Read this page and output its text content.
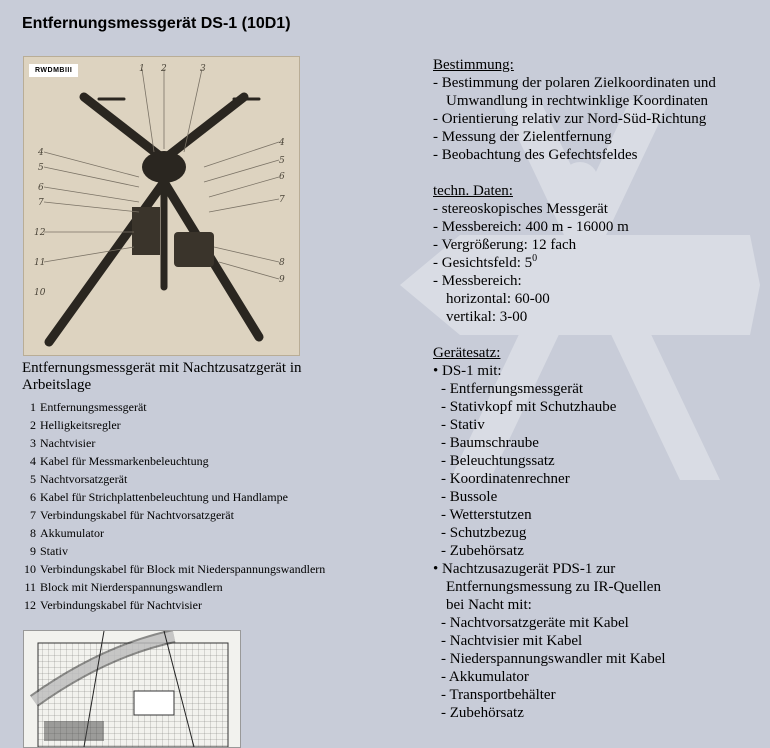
Entfernungsmessgerät DS-1 (10D1)
1 2	3
4
5
6
7
12
11
10
5
6
7
8
9
4
RWDMBIII
Entfernungsmessgerät mit Nachtzusatzgerät in Arbeitslage
1 Entfernungsmessgerät
2 Helligkeitsregler
3 Nachtvisier
4 Kabel für Messmarkenbeleuchtung
5 Nachtvorsatzgerät
6 Kabel für Strichplattenbeleuchtung und Handlampe
7 Verbindungskabel für Nachtvorsatzgerät
8 Akkumulator
9 Stativ
10 Verbindungskabel für Block mit Niederspannungswandlern
11 Block mit Nierderspannungswandlern
12 Verbindungskabel für Nachtvisier
Bestimmung:
- Bestimmung der polaren Zielkoordinaten und
Umwandlung in rechtwinklige Koordinaten
- Orientierung relativ zur Nord-Süd-Richtung
- Messung der Zielentfernung
- Beobachtung des Gefechtsfeldes
techn. Daten:
- stereoskopisches Messgerät
- Messbereich: 400 m - 16000 m
- Vergrößerung: 12 fach
- Gesichtsfeld: $5^0$
- Messbereich:
horizontal: 60-00
vertikal: 3-00
Gerätesatz:
• DS-1 mit:
- Entfernungsmessgerät
- Stativkopf mit Schutzhaube
- Stativ
- Baumschraube
- Beleuchtungssatz
- Koordinatenrechner
- Bussole
- Wetterstutzen
- Schutzbezug
- Zubehörsatz
• Nachtzusazugerät PDS-1 zur
Entfernungsmessung zu IR-Quellen
bei Nacht mit:
- Nachtvorsatzgeräte mit Kabel
- Nachtvisier mit Kabel
- Niederspannungswandler mit Kabel
- Akkumulator
- Transportbehälter
- Zubehörsatz
